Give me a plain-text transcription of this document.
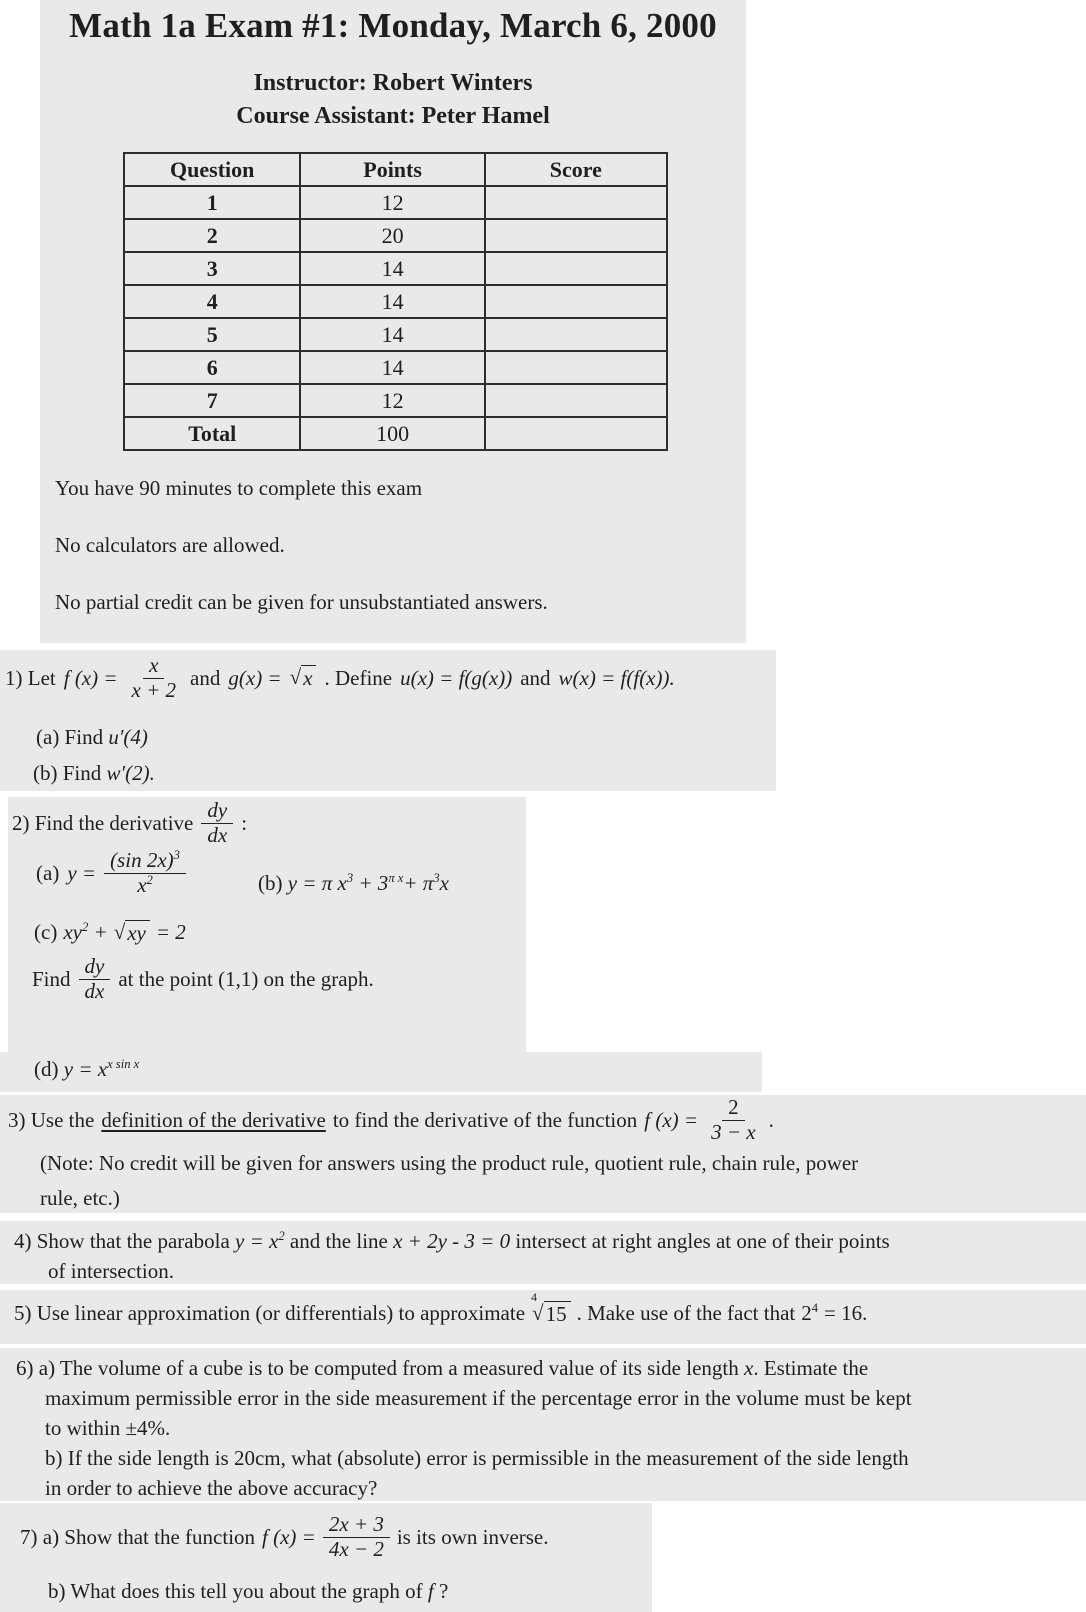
Math 1a Exam #1: Monday, March 6, 2000
Instructor: Robert Winters
Course Assistant: Peter Hamel
Question	Points	Score
1	12	
2	20	
3	14	
4	14	
5	14	
6	14	
7	12	
Total	100	
You have 90 minutes to complete this exam
No calculators are allowed.
No partial credit can be given for unsubstantiated answers.
1) Let f $(x) = \frac{x}{x + 2}$ and g(x) = √ x . Define u(x) = f(g(x)) and w(x) = f(f(x)).
(a) Find u′(4)
(b) Find w′(2).
2) Find the derivative $\frac{dy}{dx}$ :
(a) $y = \frac{(\sin 2x)^3}{x^2}$	(b) y = π $x^3 + 3^{\pi x}+ \pi^3x$
(c) $xy^2$ + √ xy = 2
Find $\frac{dy}{dx}$ at the point (1,1) on the graph.
(d) $y = x^{x sin x}$
3) Use the definition of the derivative to find the derivative of the function f $(x) = \frac{2}{3 - x}$ .
(Note: No credit will be given for answers using the product rule, quotient rule, chain rule, power
rule, etc.)
4) Show that the parabola $y = x^2$ and the line x + 2y - 3 = 0 intersect at right angles at one of their points
of intersection.
5) Use linear approximation (or differentials) to approximate
4
√ 15 . Make use of the fact that $2^4 = 16$.
6) a) The volume of a cube is to be computed from a measured value of its side length x. Estimate the
maximum permissible error in the side measurement if the percentage error in the volume must be kept
to within ±4%.
b) If the side length is 20cm, what (absolute) error is permissible in the measurement of the side length
in order to achieve the above accuracy?
7) a) Show that the function f $(x) = \frac{2x + 3}{4x - 2}$ is its own inverse.
b) What does this tell you about the graph of f ?
